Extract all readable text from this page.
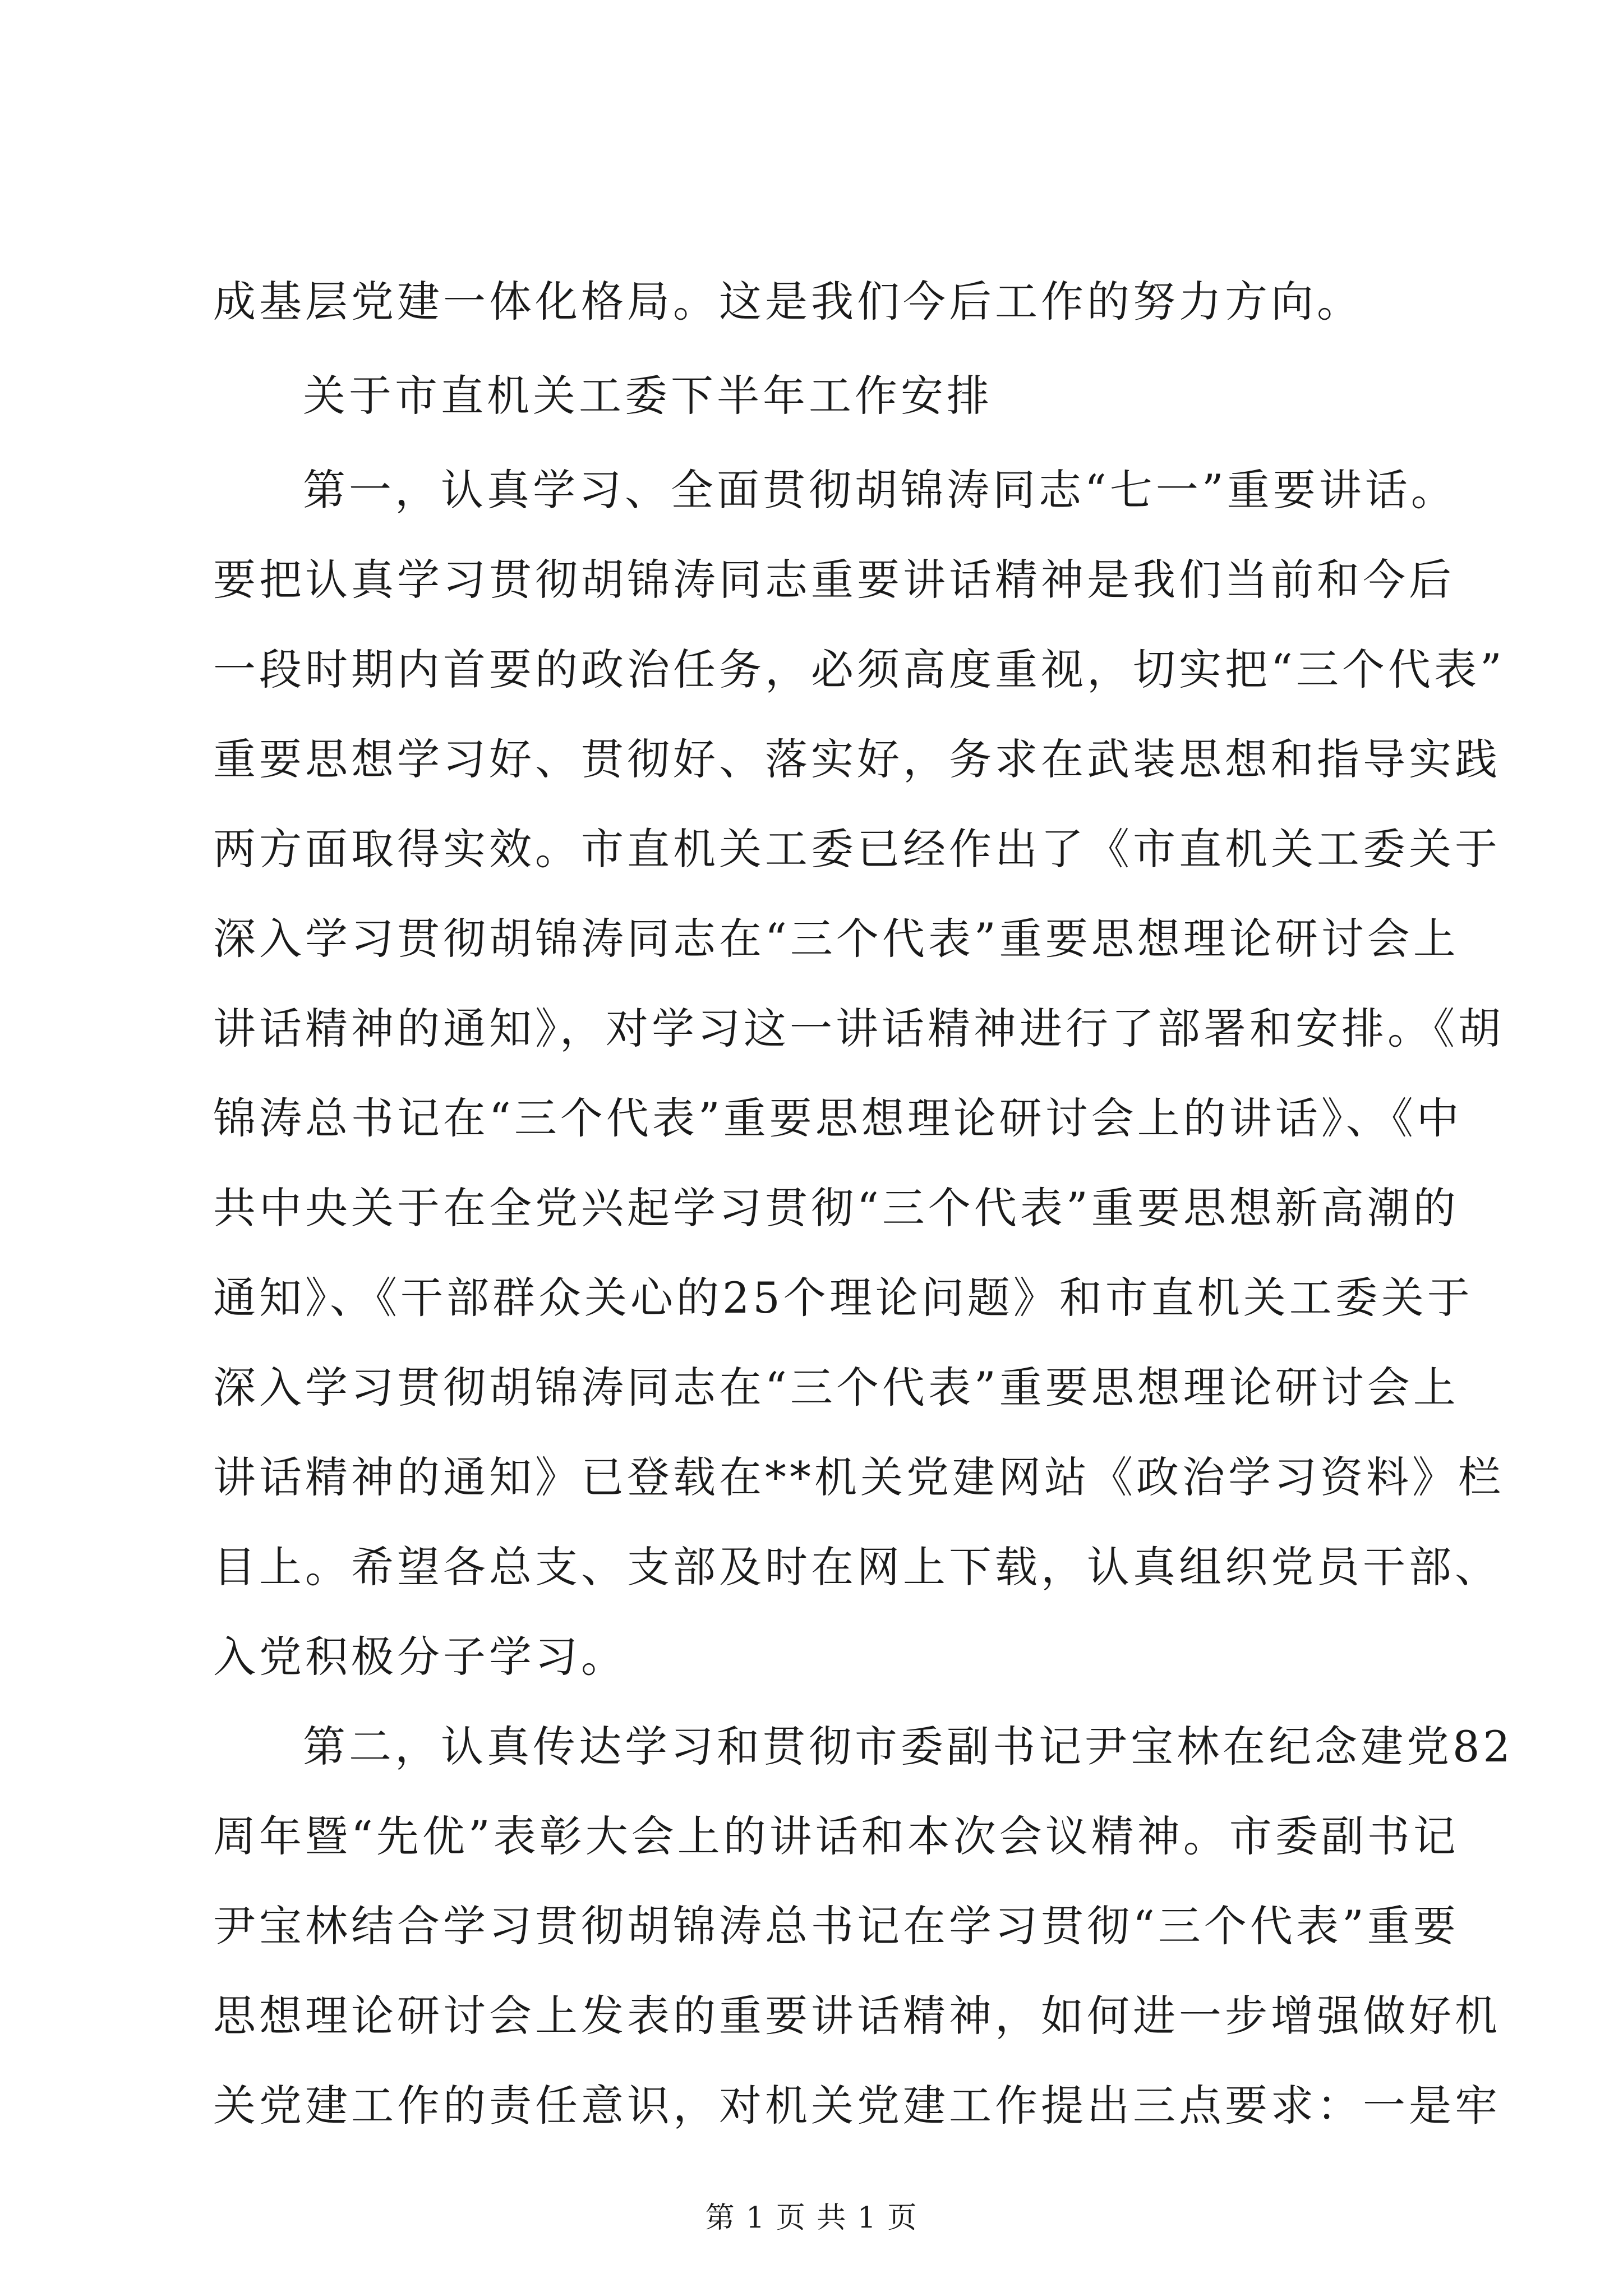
成基层党建一体化格局。这是我们今后工作的努力方向。
关于市直机关工委下半年工作安排
第一，认真学习、全面贯彻胡锦涛同志“七一”重要讲话。
要把认真学习贯彻胡锦涛同志重要讲话精神是我们当前和今后
一段时期内首要的政治任务，必须高度重视，切实把“三个代表”
重要思想学习好、贯彻好、落实好，务求在武装思想和指导实践
两方面取得实效。市直机关工委已经作出了《市直机关工委关于
深入学习贯彻胡锦涛同志在“三个代表”重要思想理论研讨会上
讲话精神的通知》，对学习这一讲话精神进行了部署和安排。《胡
锦涛总书记在“三个代表”重要思想理论研讨会上的讲话》、《中
共中央关于在全党兴起学习贯彻“三个代表”重要思想新高潮的
通知》、《干部群众关心的25个理论问题》和市直机关工委关于
深入学习贯彻胡锦涛同志在“三个代表”重要思想理论研讨会上
讲话精神的通知》已登载在**机关党建网站《政治学习资料》栏
目上。希望各总支、支部及时在网上下载，认真组织党员干部、
入党积极分子学习。
第二，认真传达学习和贯彻市委副书记尹宝林在纪念建党82
周年暨“先优”表彰大会上的讲话和本次会议精神。市委副书记
尹宝林结合学习贯彻胡锦涛总书记在学习贯彻“三个代表”重要
思想理论研讨会上发表的重要讲话精神，如何进一步增强做好机
关党建工作的责任意识，对机关党建工作提出三点要求：一是牢
第 1 页 共 1 页
